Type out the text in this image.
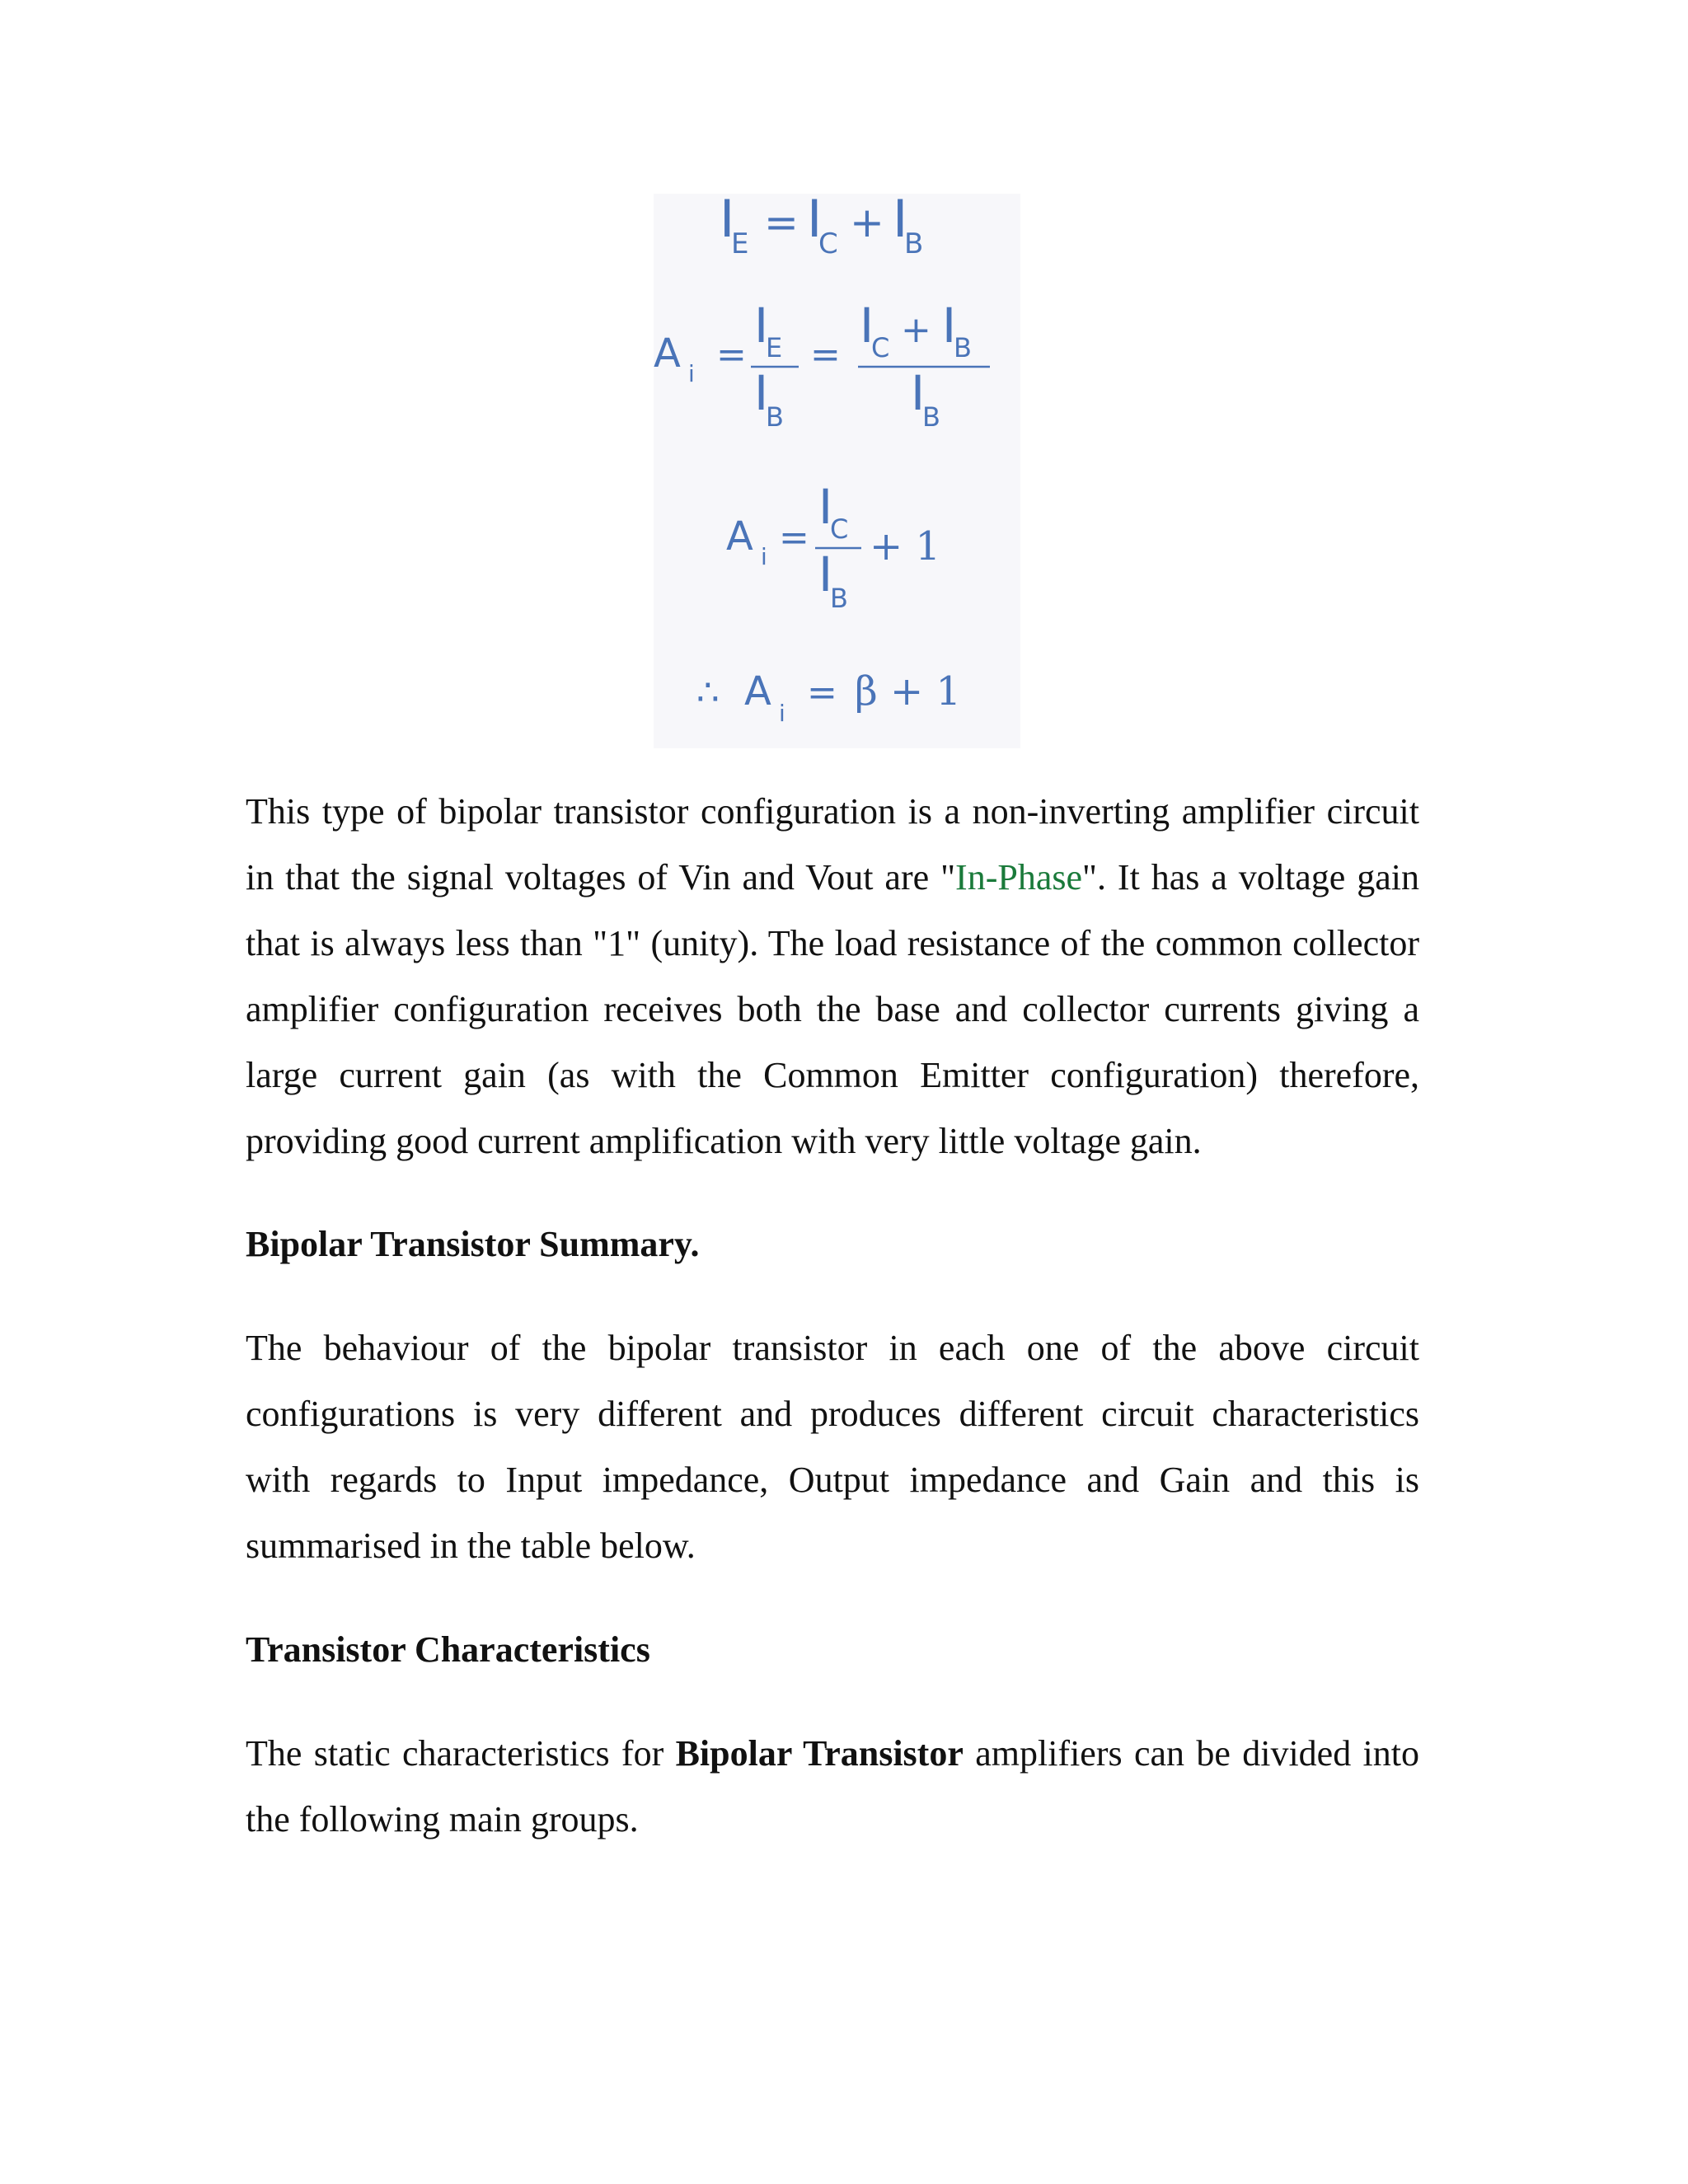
I
E = I
C + I
B
A i =
I
E
I
B
=
I
C + I
B
I
B
A i =
I
C
I
B
+ 1
∴ A i = β + 1

This type of bipolar transistor configuration is a non-inverting amplifier circuit in that the signal voltages of Vin and Vout are "In-Phase". It has a voltage gain that is always less than "1" (unity). The load resistance of the common collector amplifier configuration receives both the base and collector currents giving a large current gain (as with the Common Emitter configuration) therefore, providing good current amplification with very little voltage gain.

Bipolar Transistor Summary.

The behaviour of the bipolar transistor in each one of the above circuit configurations is very different and produces different circuit characteristics with regards to Input impedance, Output impedance and Gain and this is summarised in the table below.

Transistor Characteristics

The static characteristics for Bipolar Transistor amplifiers can be divided into the following main groups.
